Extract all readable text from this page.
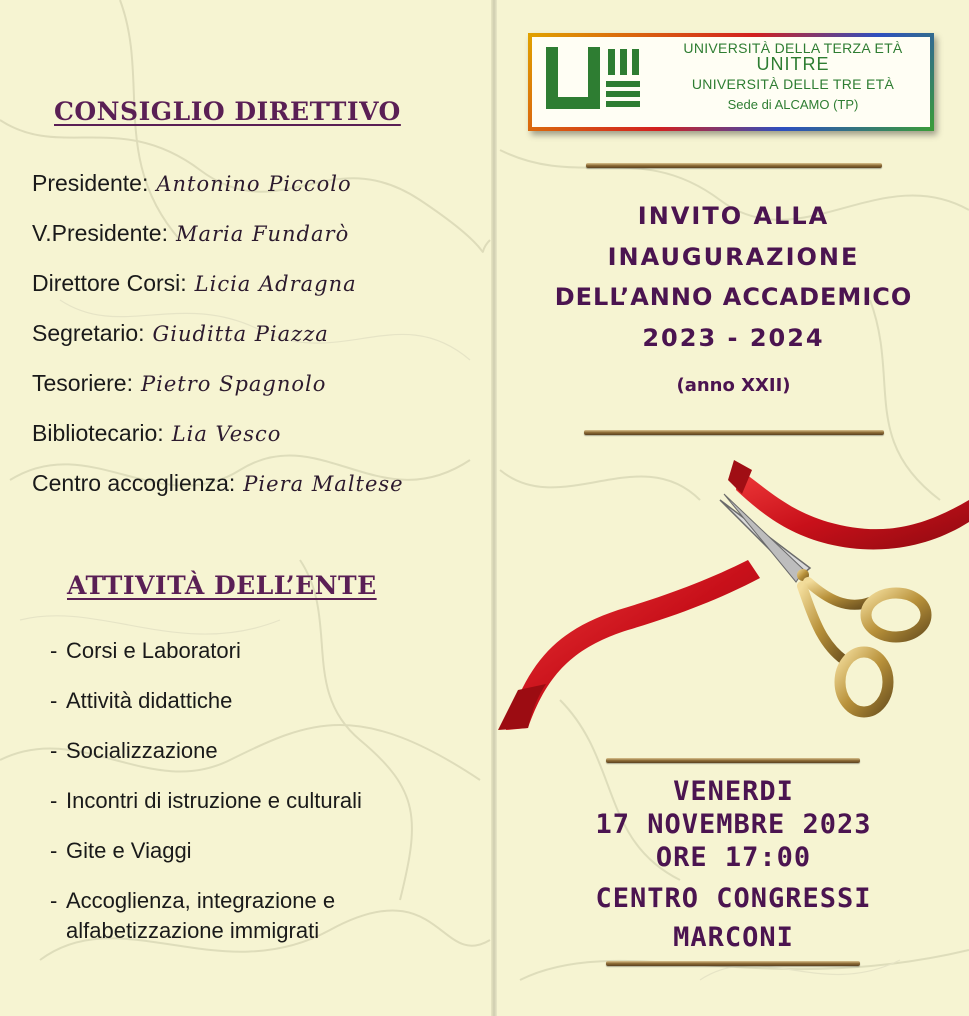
CONSIGLIO DIRETTIVO
Presidente: Antonino Piccolo
V.Presidente: Maria Fundarò
Direttore Corsi: Licia Adragna
Segretario: Giuditta Piazza
Tesoriere: Pietro Spagnolo
Bibliotecario: Lia Vesco
Centro accoglienza: Piera Maltese
ATTIVITÀ DELL’ENTE
- Corsi e Laboratori
- Attività didattiche
- Socializzazione
- Incontri di istruzione e culturali
- Gite e Viaggi
- Accoglienza, integrazione e
alfabetizzazione immigrati
UNIVERSITÀ DELLA TERZA ETÀ
UNITRE
UNIVERSITÀ DELLE TRE ETÀ
Sede di ALCAMO (TP)
INVITO ALLA
INAUGURAZIONE
DELL’ANNO ACCADEMICO
2023 - 2024
(anno XXII)
VENERDI
17 NOVEMBRE 2023
ORE 17:00
CENTRO CONGRESSI
MARCONI
